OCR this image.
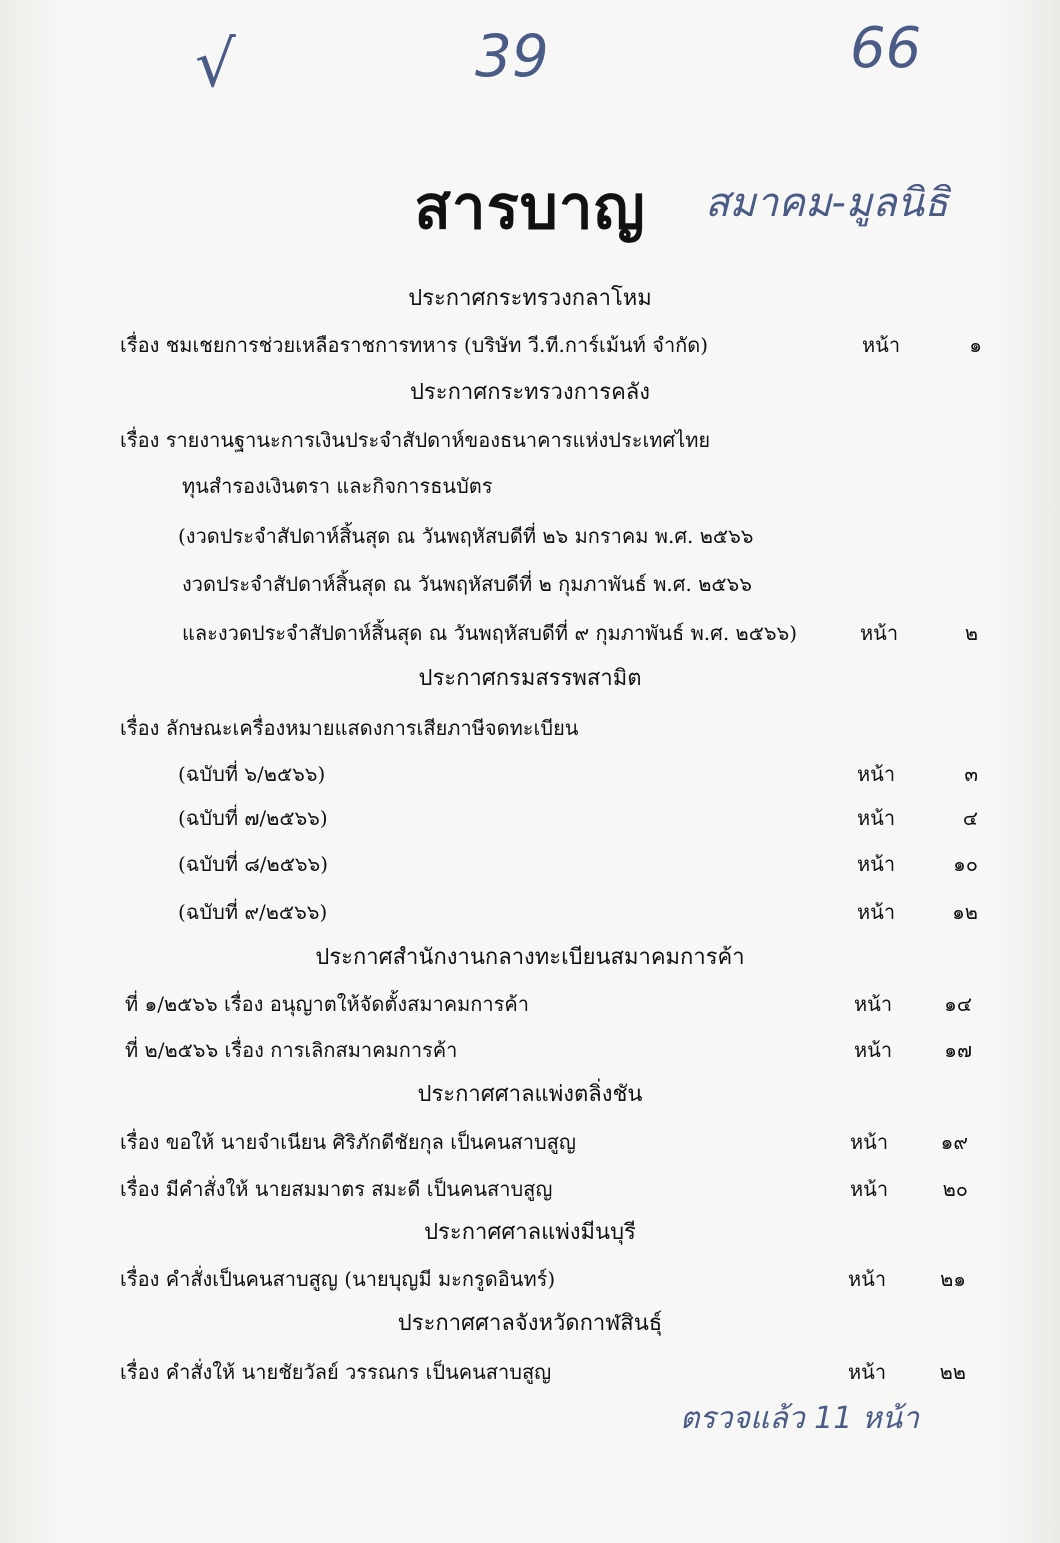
√	39	66
สมาคม-มูลนิธิ
สารบาญ
ประกาศกระทรวงกลาโหม
เรื่อง ชมเชยการช่วยเหลือราชการทหาร (บริษัท วี.ที.การ์เม้นท์ จำกัด)	หน้า	๑
ประกาศกระทรวงการคลัง
เรื่อง รายงานฐานะการเงินประจำสัปดาห์ของธนาคารแห่งประเทศไทย
ทุนสำรองเงินตรา และกิจการธนบัตร
(งวดประจำสัปดาห์สิ้นสุด ณ วันพฤหัสบดีที่ ๒๖ มกราคม พ.ศ. ๒๕๖๖
งวดประจำสัปดาห์สิ้นสุด ณ วันพฤหัสบดีที่ ๒ กุมภาพันธ์ พ.ศ. ๒๕๖๖
และงวดประจำสัปดาห์สิ้นสุด ณ วันพฤหัสบดีที่ ๙ กุมภาพันธ์ พ.ศ. ๒๕๖๖)	หน้า	๒
ประกาศกรมสรรพสามิต
เรื่อง ลักษณะเครื่องหมายแสดงการเสียภาษีจดทะเบียน
(ฉบับที่ ๖/๒๕๖๖)	หน้า	๓
(ฉบับที่ ๗/๒๕๖๖)	หน้า	๔
(ฉบับที่ ๘/๒๕๖๖)	หน้า	๑๐
(ฉบับที่ ๙/๒๕๖๖)	หน้า	๑๒
ประกาศสำนักงานกลางทะเบียนสมาคมการค้า
ที่ ๑/๒๕๖๖ เรื่อง อนุญาตให้จัดตั้งสมาคมการค้า	หน้า	๑๔
ที่ ๒/๒๕๖๖ เรื่อง การเลิกสมาคมการค้า	หน้า	๑๗
ประกาศศาลแพ่งตลิ่งชัน
เรื่อง ขอให้ นายจำเนียน ศิริภักดีชัยกุล เป็นคนสาบสูญ	หน้า	๑๙
เรื่อง มีคำสั่งให้ นายสมมาตร สมะดี เป็นคนสาบสูญ	หน้า	๒๐
ประกาศศาลแพ่งมีนบุรี
เรื่อง คำสั่งเป็นคนสาบสูญ (นายบุญมี มะกรูดอินทร์)	หน้า	๒๑
ประกาศศาลจังหวัดกาฬสินธุ์
เรื่อง คำสั่งให้ นายชัยวัลย์ วรรณกร เป็นคนสาบสูญ	หน้า	๒๒
ตรวจแล้ว 11 หน้า
